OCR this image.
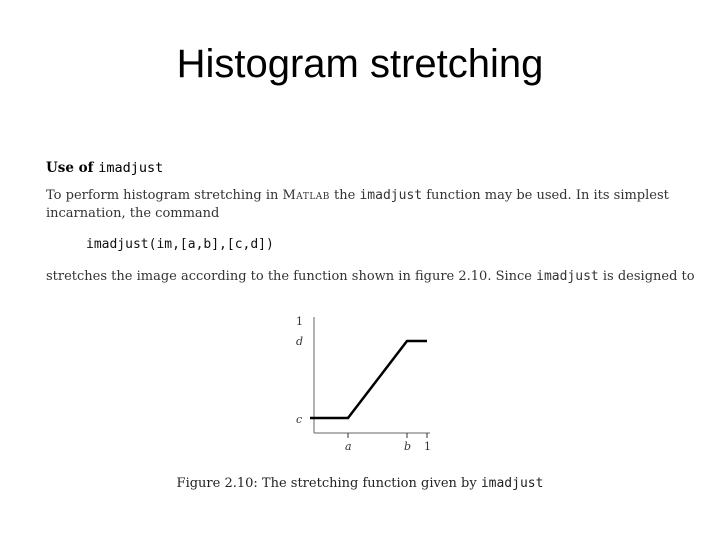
Histogram stretching
Use of imadjust
To perform histogram stretching in Matlab the imadjust function may be used. In its simplest
incarnation, the command
imadjust(im,[a,b],[c,d])
stretches the image according to the function shown in figure 2.10. Since imadjust is designed to
1
d
c
a	b 1
Figure 2.10: The stretching function given by imadjust
